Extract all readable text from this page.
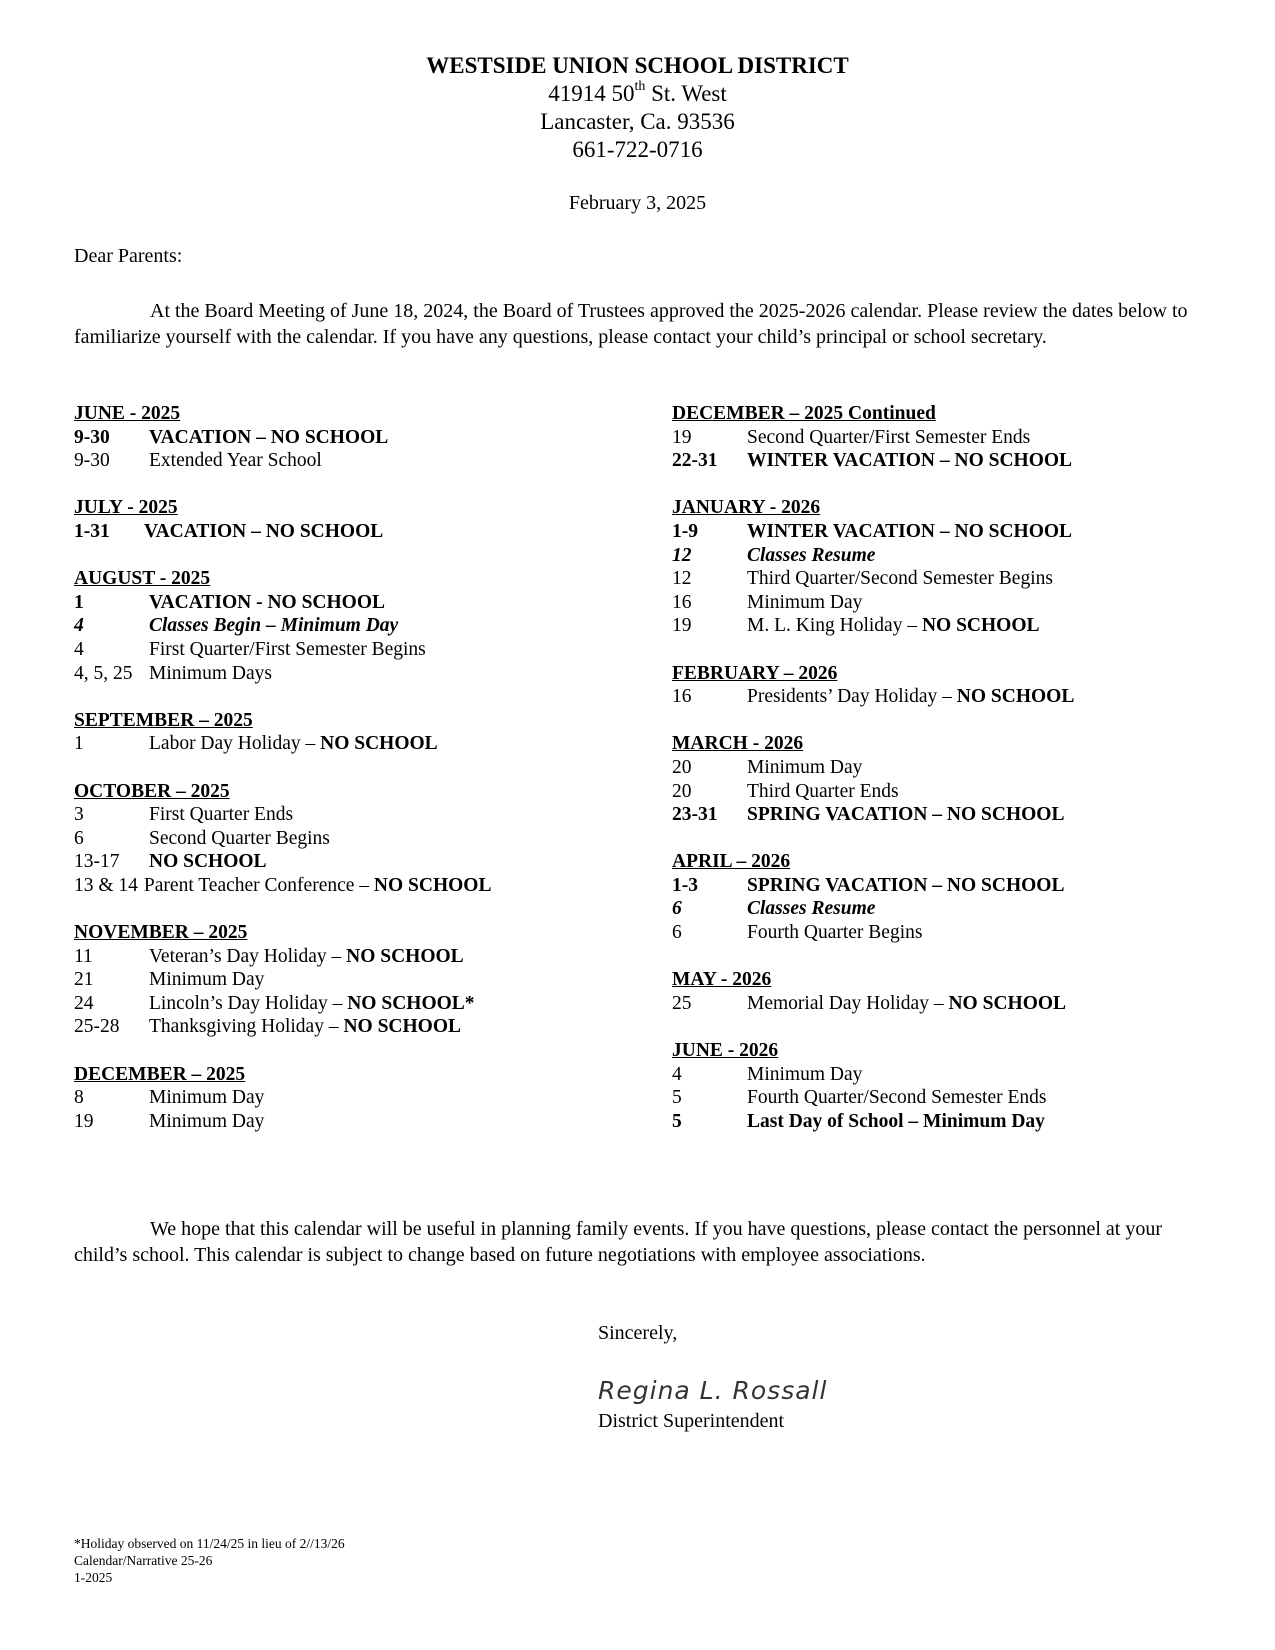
WESTSIDE UNION SCHOOL DISTRICT
41914 50th St. West
Lancaster, Ca. 93536
661-722-0716
February 3, 2025
Dear Parents:
At the Board Meeting of June 18, 2024, the Board of Trustees approved the 2025-2026 calendar. Please review the dates below to familiarize yourself with the calendar. If you have any questions, please contact your child’s principal or school secretary.
JUNE - 2025
9-30 VACATION – NO SCHOOL
9-30 Extended Year School
JULY - 2025
1-31 VACATION – NO SCHOOL
AUGUST - 2025
1	VACATION - NO SCHOOL
4	Classes Begin – Minimum Day
4	First Quarter/First Semester Begins
4, 5, 25 Minimum Days
SEPTEMBER – 2025
1	Labor Day Holiday – NO SCHOOL
OCTOBER – 2025
3	First Quarter Ends
6	Second Quarter Begins
13-17 NO SCHOOL
13 & 14 Parent Teacher Conference – NO SCHOOL
NOVEMBER – 2025
11	Veteran’s Day Holiday – NO SCHOOL
21	Minimum Day
24	Lincoln’s Day Holiday – NO SCHOOL*
25-28 Thanksgiving Holiday – NO SCHOOL
DECEMBER – 2025
8	Minimum Day
19	Minimum Day
DECEMBER – 2025 Continued
19	Second Quarter/First Semester Ends
22-31 WINTER VACATION – NO SCHOOL
JANUARY - 2026
1-9	WINTER VACATION – NO SCHOOL
12	Classes Resume
12	Third Quarter/Second Semester Begins
16	Minimum Day
19	M. L. King Holiday – NO SCHOOL
FEBRUARY – 2026
16	Presidents’ Day Holiday – NO SCHOOL
MARCH - 2026
20	Minimum Day
20	Third Quarter Ends
23-31 SPRING VACATION – NO SCHOOL
APRIL – 2026
1-3	SPRING VACATION – NO SCHOOL
6	Classes Resume
6	Fourth Quarter Begins
MAY - 2026
25	Memorial Day Holiday – NO SCHOOL
JUNE - 2026
4	Minimum Day
5	Fourth Quarter/Second Semester Ends
5	Last Day of School – Minimum Day
We hope that this calendar will be useful in planning family events. If you have questions, please contact the personnel at your child’s school. This calendar is subject to change based on future negotiations with employee associations.
Sincerely,
Regina L. Rossall
District Superintendent
*Holiday observed on 11/24/25 in lieu of 2//13/26
Calendar/Narrative 25-26
1-2025
